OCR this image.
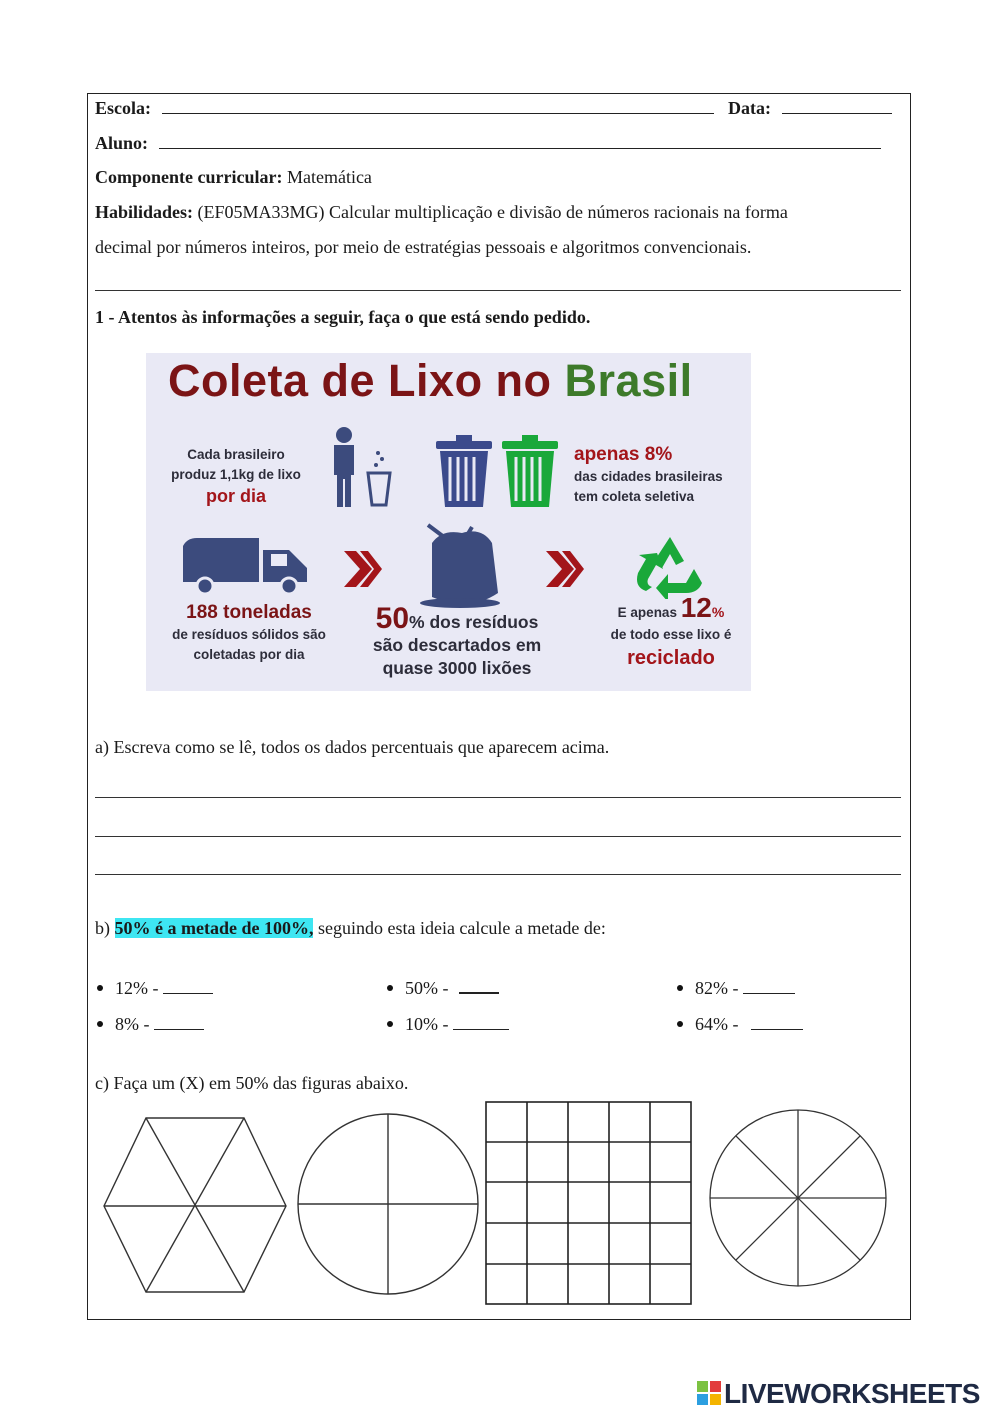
Escola:	Data:
Aluno:
Componente curricular: Matemática
Habilidades: (EF05MA33MG) Calcular multiplicação e divisão de números racionais na forma
decimal por números inteiros, por meio de estratégias pessoais e algoritmos convencionais.
1 - Atentos às informações a seguir, faça o que está sendo pedido.
Coleta de Lixo no Brasil
Cada brasileiro
produz 1,1kg de lixo
por dia
apenas 8%
das cidades brasileiras
tem coleta seletiva
188 toneladas
de resíduos sólidos são
coletadas por dia
50% dos resíduos
são descartados em
quase 3000 lixões
E apenas 12%
de todo esse lixo é
reciclado
a) Escreva como se lê, todos os dados percentuais que aparecem acima.
b) 50% é a metade de 100%, seguindo esta ideia calcule a metade de:
12% -	50% -	82% -
8% -	10% -	64% -
c) Faça um (X) em 50% das figuras abaixo.
LIVEWORKSHEETS
